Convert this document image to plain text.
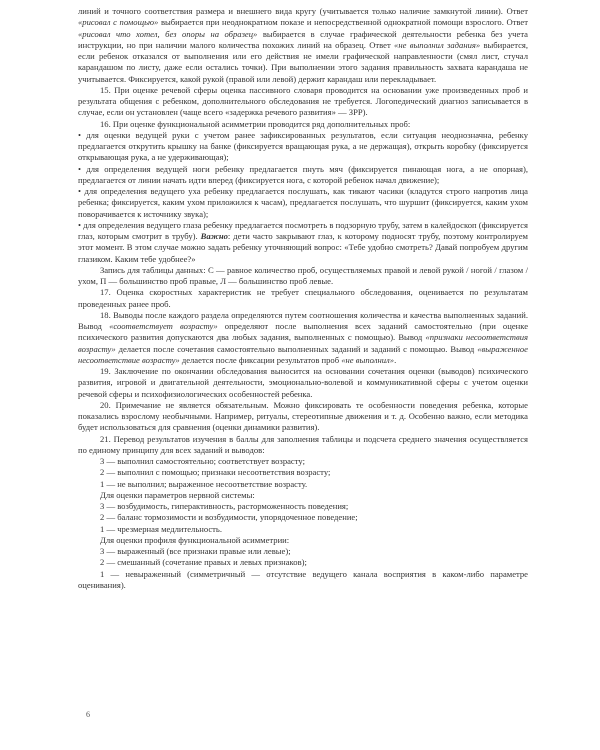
линий и точного соответствия размера и внешнего вида кругу (учитывается только наличие замкнутой линии). Ответ «рисовал с помощью» выбирается при неоднократном показе и непосредственной однократной помощи взрослого. Ответ «рисовал что хотел, без опоры на образец» выбирается в случае графической деятельности ребенка без учета инструкции, но при наличии малого количества похожих линий на образец. Ответ «не выполнил задания» выбирается, если ребенок отказался от выполнения или его действия не имели графической направленности (смял лист, стучал карандашом по листу, даже если остались точки). При выполнении этого задания правильность захвата карандаша не учитывается. Фиксируется, какой рукой (правой или левой) держит карандаш или перекладывает.

15. При оценке речевой сферы оценка пассивного словаря проводится на основании уже произведенных проб и результата общения с ребенком, дополнительного обследования не требуется. Логопедический диагноз записывается в случае, если он установлен (чаще всего «задержка речевого развития» — ЗРР).

16. При оценке функциональной асимметрии проводится ряд дополнительных проб:

• для оценки ведущей руки с учетом ранее зафиксированных результатов, если ситуация неоднозначна, ребенку предлагается открутить крышку на банке (фиксируется вращающая рука, а не держащая), открыть коробку (фиксируется открывающая рука, а не удерживающая);

• для определения ведущей ноги ребенку предлагается пнуть мяч (фиксируется пинающая нога, а не опорная), предлагается от линии начать идти вперед (фиксируется нога, с которой ребенок начал движение);

• для определения ведущего уха ребенку предлагается послушать, как тикают часики (кладутся строго напротив лица ребенка; фиксируется, каким ухом приложился к часам), предлагается послушать, что шуршит (фиксируется, каким ухом поворачивается к источнику звука);

• для определения ведущего глаза ребенку предлагается посмотреть в подзорную трубу, затем в калейдоскоп (фиксируется глаз, которым смотрит в трубу). Важно: дети часто закрывают глаз, к которому подносят трубу, поэтому контролируем этот момент. В этом случае можно задать ребенку уточняющий вопрос: «Тебе удобно смотреть? Давай попробуем другим глазиком. Каким тебе удобнее?»

Запись для таблицы данных: С — равное количество проб, осуществляемых правой и левой рукой / ногой / глазом / ухом, П — большинство проб правые, Л — большинство проб левые.

17. Оценка скоростных характеристик не требует специального обследования, оценивается по результатам проведенных ранее проб.

18. Выводы после каждого раздела определяются путем соотношения количества и качества выполненных заданий. Вывод «соответствует возрасту» определяют после выполнения всех заданий самостоятельно (при оценке психического развития допускаются два любых задания, выполненных с помощью). Вывод «признаки несоответствия возрасту» делается после сочетания самостоятельно выполненных заданий и заданий с помощью. Вывод «выраженное несоответствие возрасту» делается после фиксации результатов проб «не выполнил».

19. Заключение по окончании обследования выносится на основании сочетания оценки (выводов) психического развития, игровой и двигательной деятельности, эмоционально-волевой и коммуникативной сферы с учетом оценки речевой сферы и психофизиологических особенностей ребенка.

20. Примечание не является обязательным. Можно фиксировать те особенности поведения ребенка, которые показались взрослому необычными. Например, ритуалы, стереотипные движения и т. д. Особенно важно, если методика будет использоваться для сравнения (оценки динамики развития).

21. Перевод результатов изучения в баллы для заполнения таблицы и подсчета среднего значения осуществляется по единому принципу для всех заданий и выводов:

3 — выполнил самостоятельно; соответствует возрасту;

2 — выполнил с помощью; признаки несоответствия возрасту;

1 — не выполнил; выраженное несоответствие возрасту.

Для оценки параметров нервной системы:

3 — возбудимость, гиперактивность, расторможенность поведения;

2 — баланс тормозимости и возбудимости, упорядоченное поведение;

1 — чрезмерная медлительность.

Для оценки профиля функциональной асимметрии:

3 — выраженный (все признаки правые или левые);

2 — смешанный (сочетание правых и левых признаков);

1 — невыраженный (симметричный — отсутствие ведущего канала восприятия в каком-либо параметре оценивания).

6
